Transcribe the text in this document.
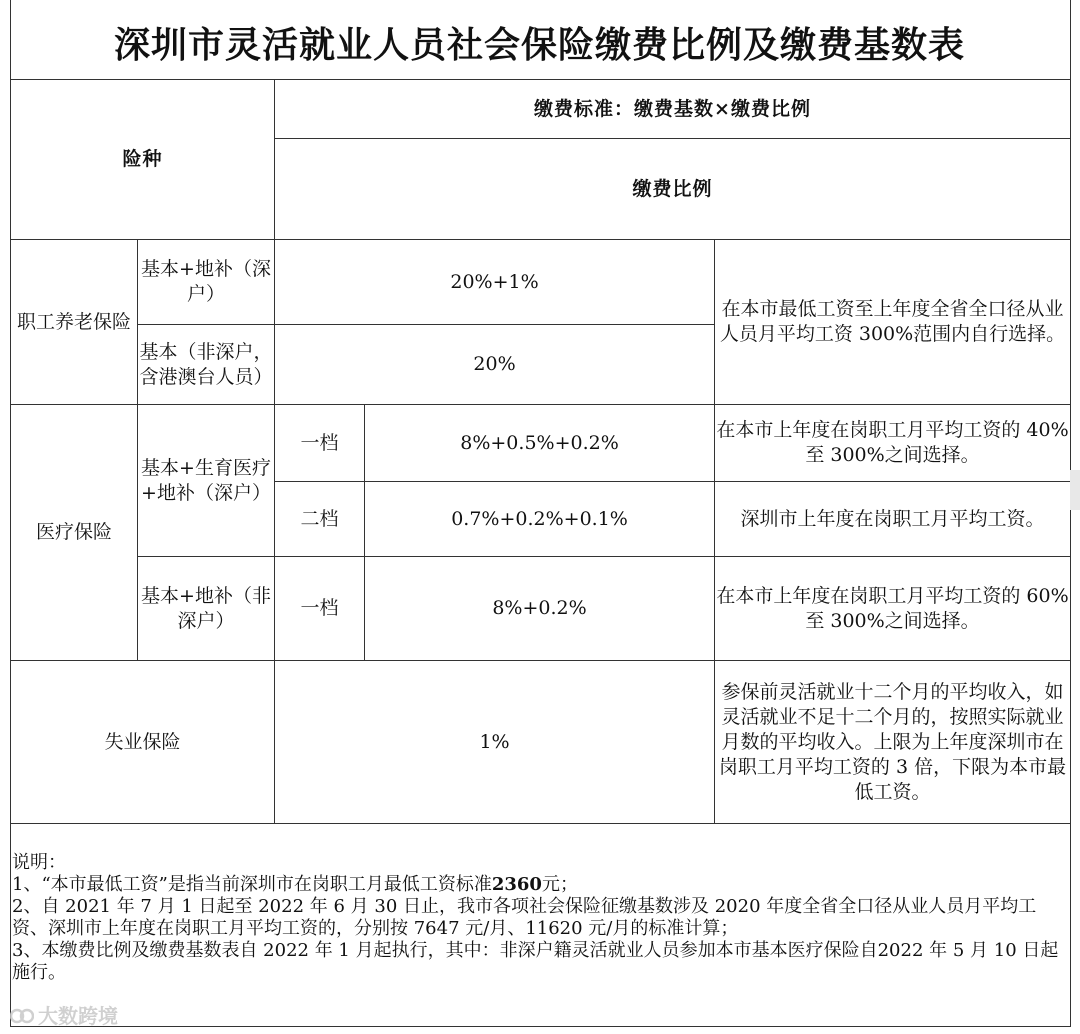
深圳市灵活就业人员社会保险缴费比例及缴费基数表
险种		缴费标准：缴费基数×缴费比例			
		缴费比例	
职工养老保险	基本+地补（深户）	20%+1%		在本市最低工资至上年度全省全口径从业人员月平均工资 300%范围内自行选择。	
	基本（非深户，含港澳台人员）	20%			
医疗保险	基本+生育医疗+地补（深户）	一档	8%+0.5%+0.2%	在本市上年度在岗职工月平均工资的 40%至 300%之间选择。	
		二档	0.7%+0.2%+0.1%	深圳市上年度在岗职工月平均工资。	
	基本+地补（非深户）	一档	8%+0.2%	在本市上年度在岗职工月平均工资的 60%至 300%之间选择。	
失业保险		1%		参保前灵活就业十二个月的平均收入，如灵活就业不足十二个月的，按照实际就业月数的平均收入。上限为上年度深圳市在岗职工月平均工资的 3 倍，下限为本市最低工资。	
说明：
1、“本市最低工资”是指当前深圳市在岗职工月最低工资标准2360元；
2、自 2021 年 7 月 1 日起至 2022 年 6 月 30 日止，我市各项社会保险征缴基数涉及 2020 年度全省全口径从业人员月平均工资、深圳市上年度在岗职工月平均工资的，分别按 7647 元/月、11620 元/月的标准计算；
3、本缴费比例及缴费基数表自 2022 年 1 月起执行，其中：非深户籍灵活就业人员参加本市基本医疗保险自2022 年 5 月 10 日起施行。
大数跨境
